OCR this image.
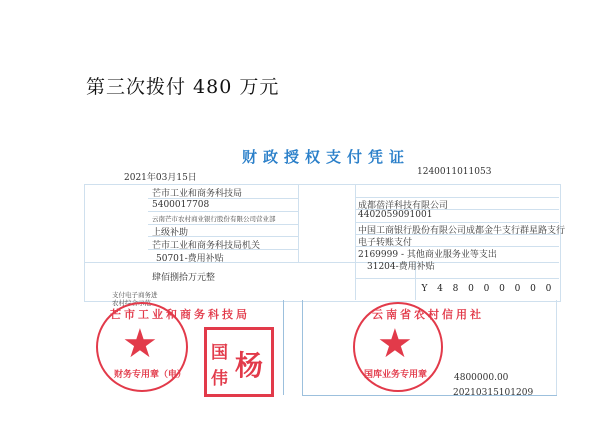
第三次拨付 480 万元
财政授权支付凭证
2021年03月15日
1240011011053
芒市工业和商务科技局
5400017708
云南芒市农村商业银行股份有限公司营业部
上级补助
芒市工业和商务科技局机关
50701-费用补贴
成都蓓洋科技有限公司
4402059091001
中国工商银行股份有限公司成都金牛支行群星路支行
电子转账支付
2169999 - 其他商业服务业等支出
31204-费用补贴
肆佰捌拾万元整
Y	4	8	0	0	0	0	0	0
支付电子商务进农村综合示范
4800000.00
20210315101209
★
芒市工业和商务科技局
财务专用章（电）
国 杨
伟
★
云南省农村信用社
国库业务专用章
